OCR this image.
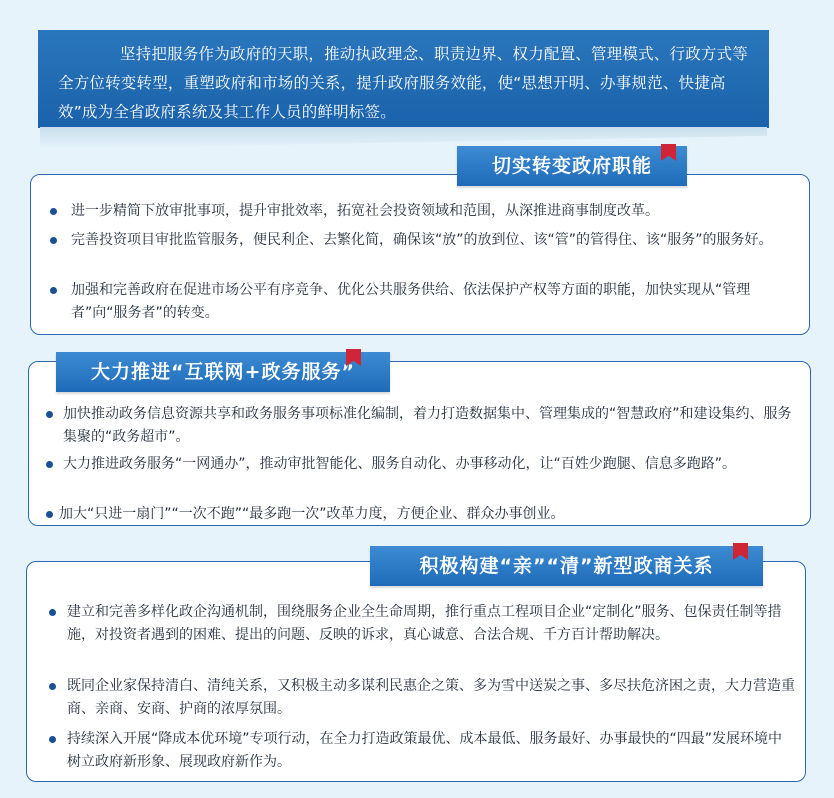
坚持把服务作为政府的天职，推动执政理念、职责边界、权力配置、管理模式、行政方式等全方位转变转型，重塑政府和市场的关系，提升政府服务效能，使“思想开明、办事规范、快捷高效”成为全省政府系统及其工作人员的鲜明标签。
切实转变政府职能
进一步精简下放审批事项，提升审批效率，拓宽社会投资领域和范围，从深推进商事制度改革。
完善投资项目审批监管服务，便民利企、去繁化简，确保该“放”的放到位、该“管”的管得住、该“服务”的服务好。
加强和完善政府在促进市场公平有序竞争、优化公共服务供给、依法保护产权等方面的职能，加快实现从“管理者”向“服务者”的转变。
大力推进“互联网+政务服务”
加快推动政务信息资源共享和政务服务事项标准化编制，着力打造数据集中、管理集成的“智慧政府”和建设集约、服务集聚的“政务超市”。
大力推进政务服务“一网通办”，推动审批智能化、服务自动化、办事移动化，让“百姓少跑腿、信息多跑路”。
加大“只进一扇门”“一次不跑”“最多跑一次”改革力度，方便企业、群众办事创业。
积极构建“亲”“清”新型政商关系
建立和完善多样化政企沟通机制，围绕服务企业全生命周期，推行重点工程项目企业“定制化”服务、包保责任制等措施，对投资者遇到的困难、提出的问题、反映的诉求，真心诚意、合法合规、千方百计帮助解决。
既同企业家保持清白、清纯关系，又积极主动多谋利民惠企之策、多为雪中送炭之事、多尽扶危济困之责，大力营造重商、亲商、安商、护商的浓厚氛围。
持续深入开展“降成本优环境”专项行动，在全力打造政策最优、成本最低、服务最好、办事最快的“四最”发展环境中树立政府新形象、展现政府新作为。
